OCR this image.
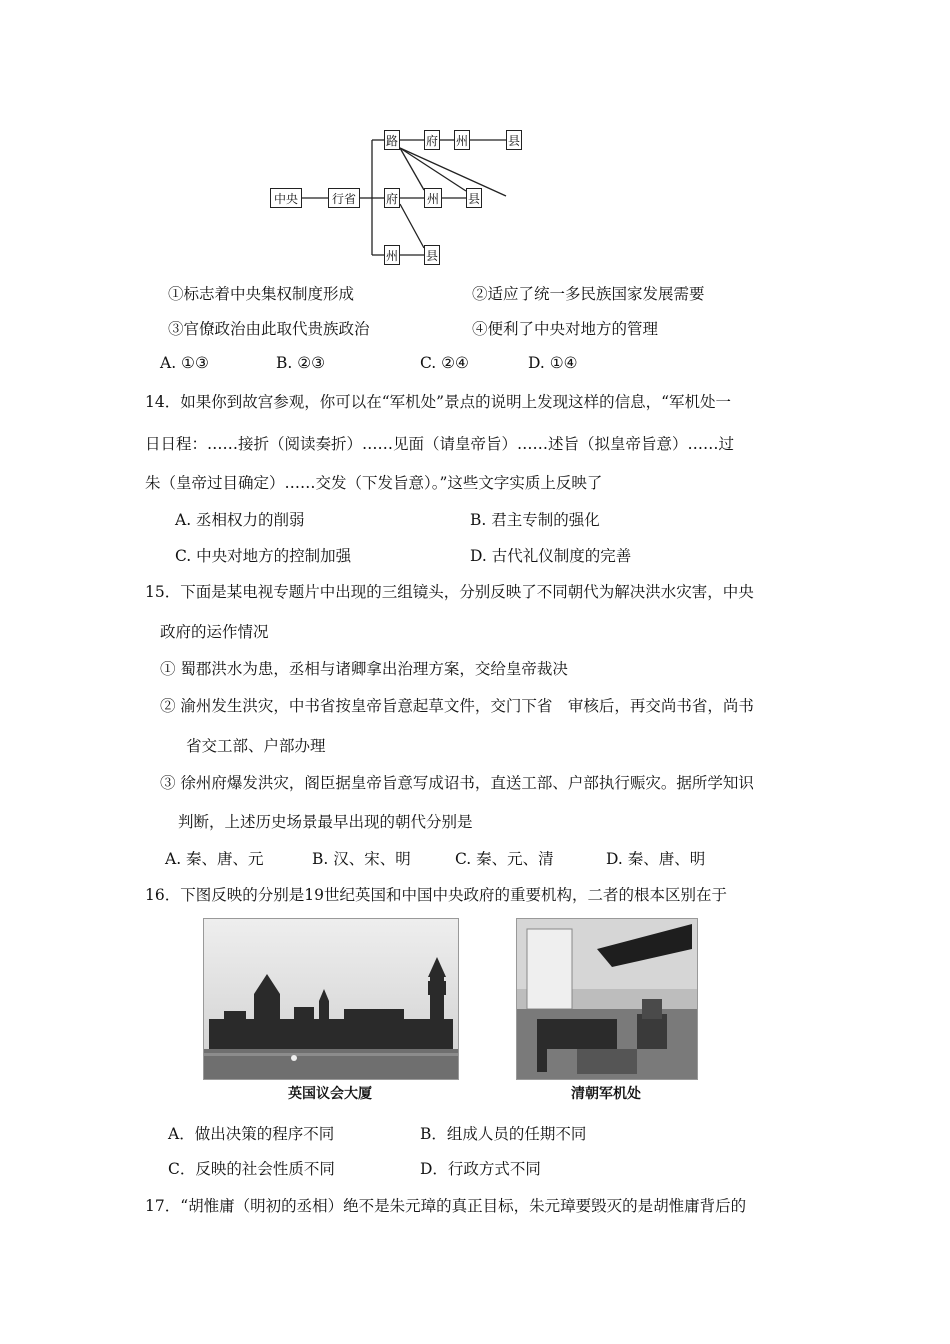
中央	行省
路 府 州	县
府 州 县
州 县
①标志着中央集权制度形成	②适应了统一多民族国家发展需要
③官僚政治由此取代贵族政治	④便利了中央对地方的管理
A. ①③	B. ②③	C. ②④	D. ①④
14．如果你到故宫参观，你可以在“军机处”景点的说明上发现这样的信息，“军机处一
日日程：……接折（阅读奏折）……见面（请皇帝旨）……述旨（拟皇帝旨意）……过
朱（皇帝过目确定）……交发（下发旨意）。”这些文字实质上反映了
A. 丞相权力的削弱	B. 君主专制的强化
C. 中央对地方的控制加强	D. 古代礼仪制度的完善
15．下面是某电视专题片中出现的三组镜头，分别反映了不同朝代为解决洪水灾害，中央
政府的运作情况
① 蜀郡洪水为患，丞相与诸卿拿出治理方案，交给皇帝裁决
② 渝州发生洪灾，中书省按皇帝旨意起草文件，交门下省　审核后，再交尚书省，尚书
省交工部、户部办理
③ 徐州府爆发洪灾，阁臣据皇帝旨意写成诏书，直送工部、户部执行赈灾。据所学知识
判断，上述历史场景最早出现的朝代分别是
A. 秦、唐、元	B. 汉、宋、明	C. 秦、元、清	D. 秦、唐、明
16．下图反映的分别是19世纪英国和中国中央政府的重要机构，二者的根本区别在于
英国议会大厦	清朝军机处
A．做出决策的程序不同	B．组成人员的任期不同
C．反映的社会性质不同	D．行政方式不同
17．“胡惟庸（明初的丞相）绝不是朱元璋的真正目标，朱元璋要毁灭的是胡惟庸背后的
